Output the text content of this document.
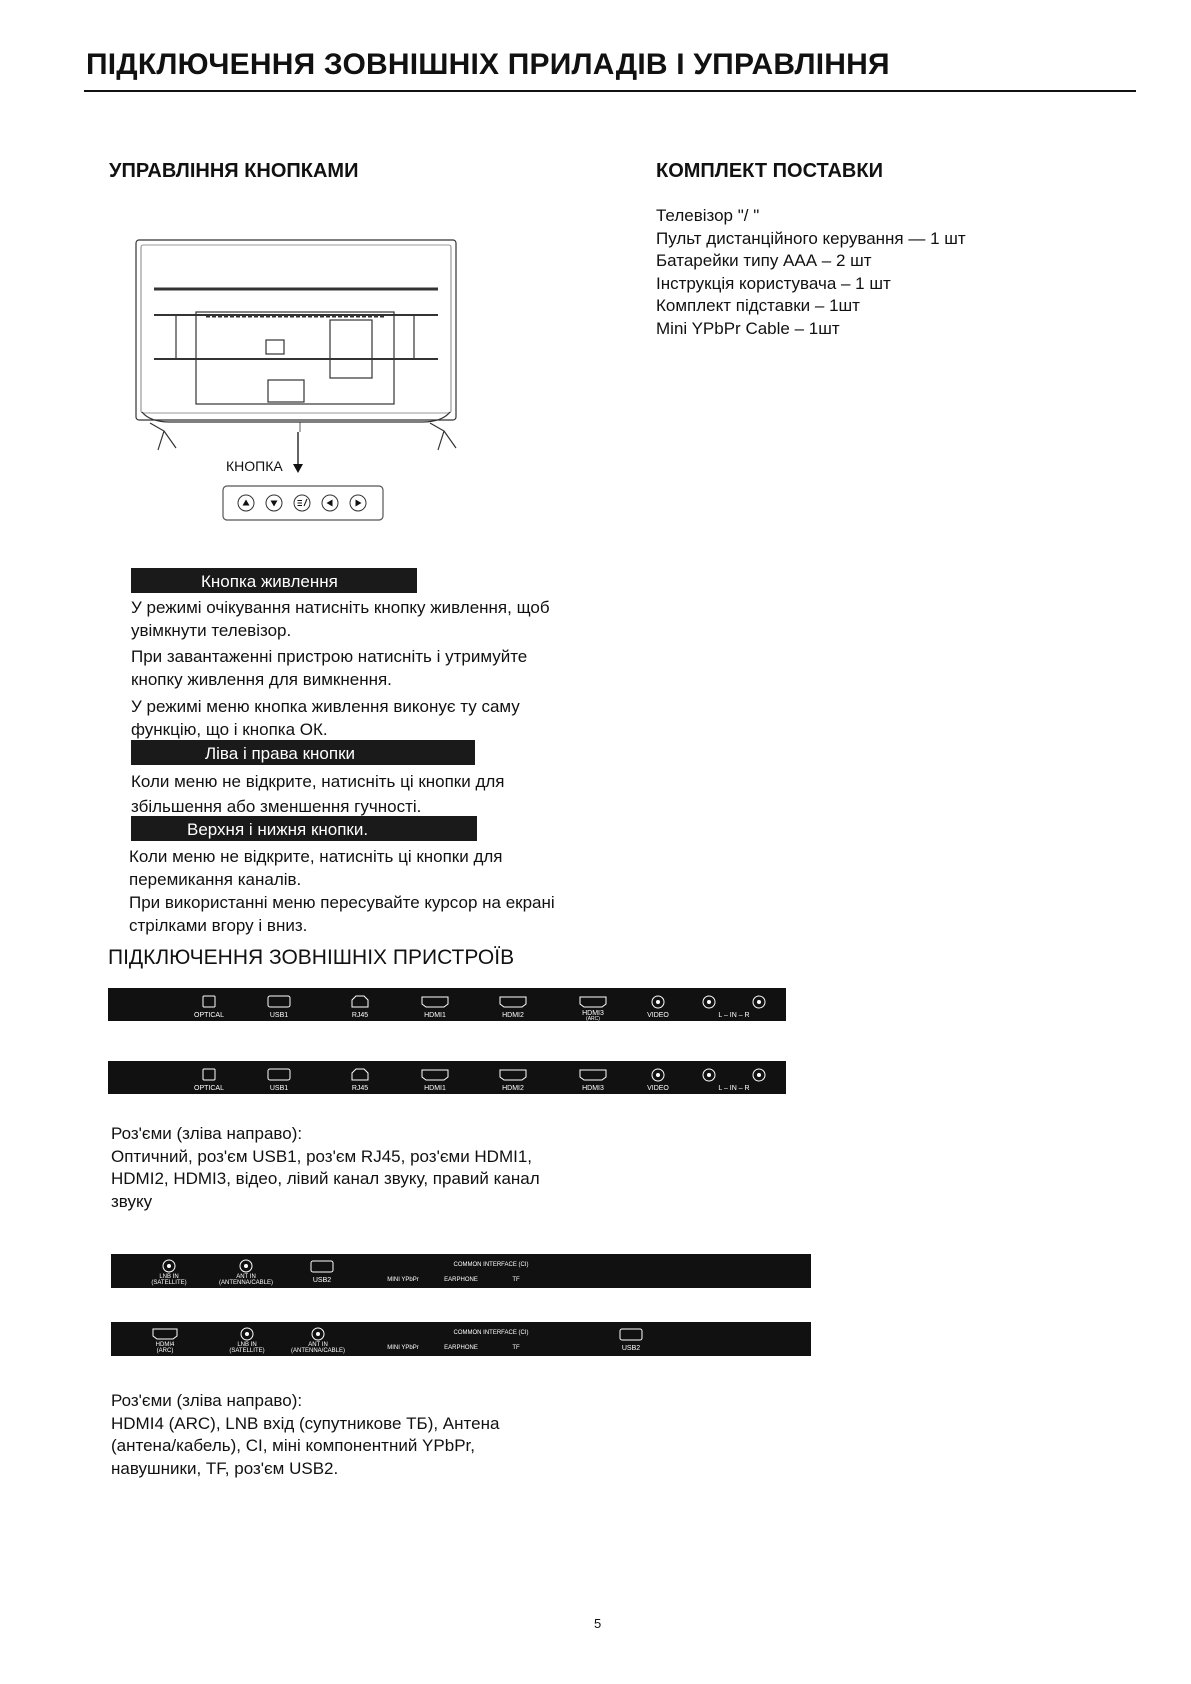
ПІДКЛЮЧЕННЯ ЗОВНІШНІХ ПРИЛАДІВ І УПРАВЛІННЯ
УПРАВЛІННЯ КНОПКАМИ	КОМПЛЕКТ ПОСТАВКИ
Телевізор "/ "
Пульт дистанційного керування — 1 шт
Батарейки типу ААА – 2 шт
Інструкція користувача – 1 шт
Комплект підставки – 1шт
Mini YPbPr Cable – 1шт
КНОПКА
Кнопка живлення
У режимі очікування натисніть кнопку живлення, щоб
увімкнути телевізор.
При завантаженні пристрою натисніть і утримуйте
кнопку живлення для вимкнення.
У режимі меню кнопка живлення виконує ту саму
функцію, що і кнопка ОК.
Ліва і права кнопки
Коли меню не відкрите, натисніть ці кнопки для
збільшення або зменшення гучності.
Верхня і нижня кнопки.
Коли меню не відкрите, натисніть ці кнопки для
перемикання каналів.
При використанні меню пересувайте курсор на екрані
стрілками вгору і вниз.
ПІДКЛЮЧЕННЯ ЗОВНІШНІХ ПРИСТРОЇВ
OPTICAL	USB1	RJ45	HDMI1	HDMI2	HDMI3
(ARC)	VIDEO	L – IN – R
OPTICAL	USB1	RJ45	HDMI1	HDMI2	HDMI3	VIDEO	L – IN – R
Роз'єми (зліва направо):
Оптичний, роз'єм USB1, роз'єм RJ45, роз'єми HDMI1,
HDMI2, HDMI3, відео, лівий канал звуку, правий канал
звуку
LNB IN
(SATELLITE)
ANT IN
(ANTENNA/CABLE)	USB2
COMMON INTERFACE (CI)
MINI YPbPr	EARPHONE	TF
HDMI4
(ARC)
LNB IN
(SATELLITE)
ANT IN
(ANTENNA/CABLE)
COMMON INTERFACE (CI)
MINI YPbPr	EARPHONE	TF	USB2
Роз'єми (зліва направо):
HDMI4 (ARC), LNB вхід (супутникове ТБ), Антена
(антена/кабель), CI, міні компонентний YPbPr,
навушники, TF, роз'єм USB2.
5
